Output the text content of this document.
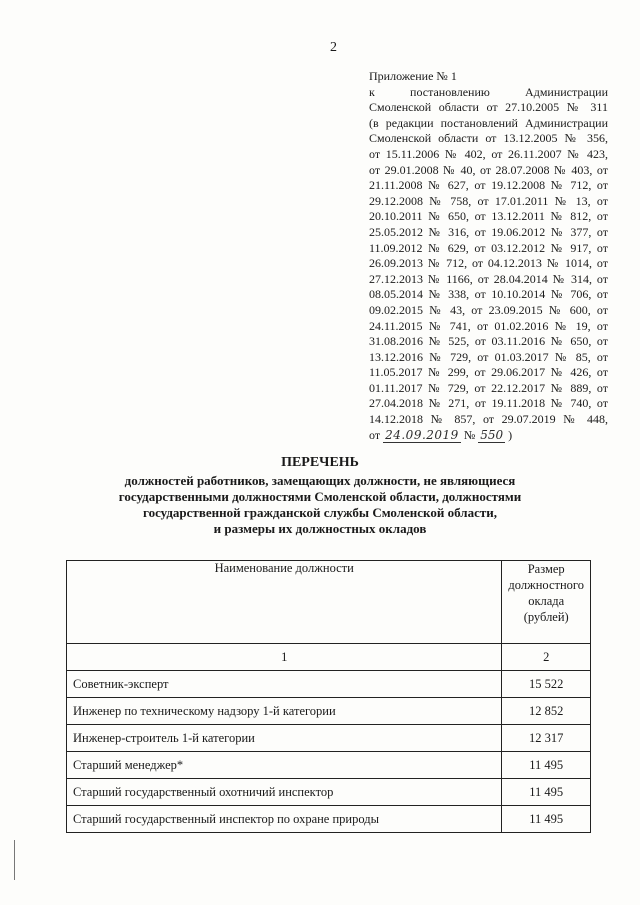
2
Приложение № 1
к постановлению Администрации
Смоленской области от 27.10.2005 № 311
(в редакции постановлений Администрации
Смоленской области от 13.12.2005 № 356,
от 15.11.2006 № 402, от 26.11.2007 № 423,
от 29.01.2008 № 40, от 28.07.2008 № 403, от
21.11.2008 № 627, от 19.12.2008 № 712, от
29.12.2008 № 758, от 17.01.2011 № 13, от
20.10.2011 № 650, от 13.12.2011 № 812, от
25.05.2012 № 316, от 19.06.2012 № 377, от
11.09.2012 № 629, от 03.12.2012 № 917, от
26.09.2013 № 712, от 04.12.2013 № 1014, от
27.12.2013 № 1166, от 28.04.2014 № 314, от
08.05.2014 № 338, от 10.10.2014 № 706, от
09.02.2015 № 43, от 23.09.2015 № 600, от
24.11.2015 № 741, от 01.02.2016 № 19, от
31.08.2016 № 525, от 03.11.2016 № 650, от
13.12.2016 № 729, от 01.03.2017 № 85, от
11.05.2017 № 299, от 29.06.2017 № 426, от
01.11.2017 № 729, от 22.12.2017 № 889, от
27.04.2018 № 271, от 19.11.2018 № 740, от
14.12.2018 № 857, от 29.07.2019 № 448,
от 24.09.2019 № 550 )
ПЕРЕЧЕНЬ
должностей работников, замещающих должности, не являющиеся
государственными должностями Смоленской области, должностями
государственной гражданской службы Смоленской области,
и размеры их должностных окладов
Наименование должности	Размер
должностного
оклада
(рублей)

1	2
Советник-эксперт	15 522
Инженер по техническому надзору 1-й категории	12 852
Инженер-строитель 1-й категории	12 317
Старший менеджер*	11 495
Старший государственный охотничий инспектор	11 495
Старший государственный инспектор по охране природы	11 495
